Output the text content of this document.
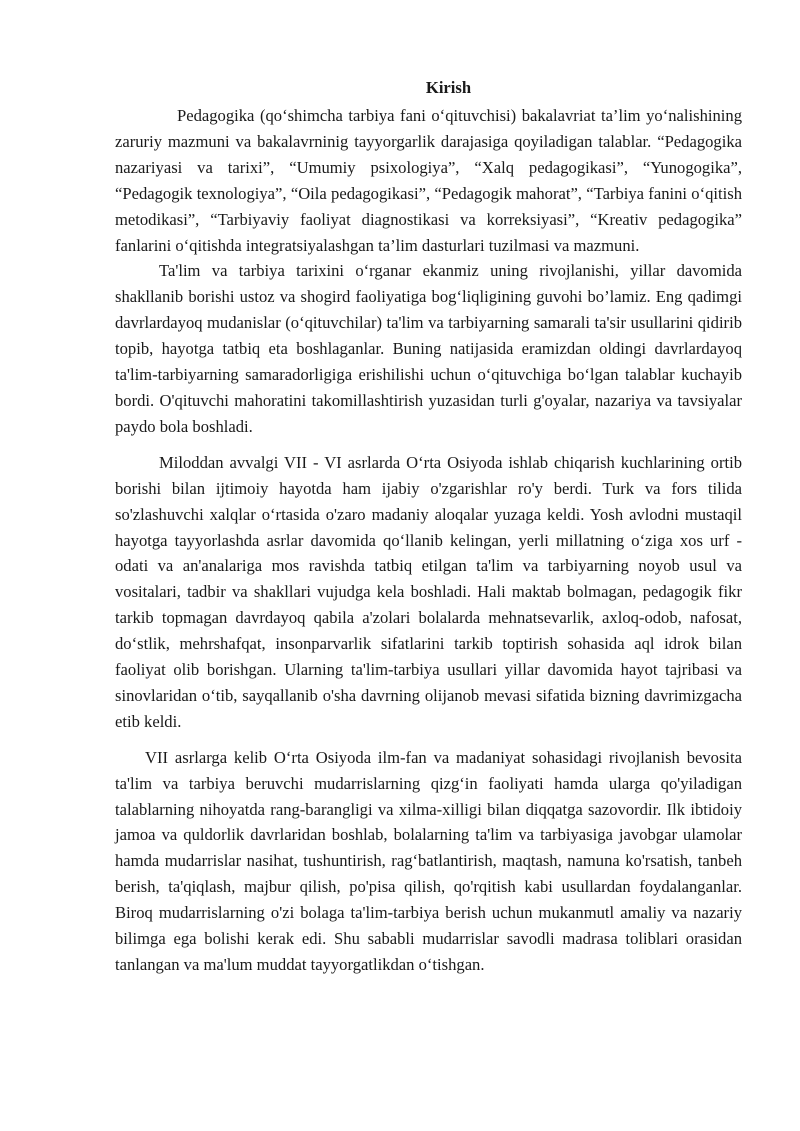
Kirish

Pedagogika (qo‘shimcha tarbiya fani o‘qituvchisi) bakalavriat ta’lim yo‘nalishining zaruriy mazmuni va bakalavrninig tayyorgarlik darajasiga qoyiladigan talablar. “Pedagogika nazariyasi va tarixi”, “Umumiy psixologiya”, “Xalq pedagogikasi”, “Yunogogika”, “Pedagogik texnologiya”, “Oila pedagogikasi”, “Pedagogik mahorat”, “Tarbiya fanini o‘qitish metodikasi”, “Tarbiyaviy faoliyat diagnostikasi va korreksiyasi”, “Kreativ pedagogika” fanlarini o‘qitishda integratsiyalashgan ta’lim dasturlari tuzilmasi va mazmuni.

Ta'lim va tarbiya tarixini o‘rganar ekanmiz uning rivojlanishi, yillar davomida shakllanib borishi ustoz va shogird faoliyatiga bog‘liqligining guvohi bo’lamiz. Eng qadimgi davrlardayoq mudanislar (o‘qituvchilar) ta'lim va tarbiyarning samarali ta'sir usullarini qidirib topib, hayotga tatbiq eta boshlaganlar. Buning natijasida eramizdan oldingi davrlardayoq ta'lim-tarbiyarning samaradorligiga erishilishi uchun o‘qituvchiga bo‘lgan talablar kuchayib bordi. O'qituvchi mahoratini takomillashtirish yuzasidan turli g'oyalar, nazariya va tavsiyalar paydo bola boshladi.

Miloddan avvalgi VII - VI asrlarda O‘rta Osiyoda ishlab chiqarish kuchlarining ortib borishi bilan ijtimoiy hayotda ham ijabiy o'zgarishlar ro'y berdi. Turk va fors tilida so'zlashuvchi xalqlar o‘rtasida o'zaro madaniy aloqalar yuzaga keldi. Yosh avlodni mustaqil hayotga tayyorlashda asrlar davomida qo‘llanib kelingan, yerli millatning o‘ziga xos urf - odati va an'analariga mos ravishda tatbiq etilgan ta'lim va tarbiyarning noyob usul va vositalari, tadbir va shakllari vujudga kela boshladi. Hali maktab bolmagan, pedagogik fikr tarkib topmagan davrdayoq qabila a'zolari bolalarda mehnatsevarlik, axloq-odob, nafosat, do‘stlik, mehrshafqat, insonparvarlik sifatlarini tarkib toptirish sohasida aql idrok bilan faoliyat olib borishgan. Ularning ta'lim-tarbiya usullari yillar davomida hayot tajribasi va sinovlaridan o‘tib, sayqallanib o'sha davrning olijanob mevasi sifatida bizning davrimizgacha etib keldi.

VII asrlarga kelib O‘rta Osiyoda ilm-fan va madaniyat sohasidagi rivojlanish bevosita ta'lim va tarbiya beruvchi mudarrislarning qizg‘in faoliyati hamda ularga qo'yiladigan talablarning nihoyatda rang-barangligi va xilma-xilligi bilan diqqatga sazovordir. Ilk ibtidoiy jamoa va quldorlik davrlaridan boshlab, bolalarning ta'lim va tarbiyasiga javobgar ulamolar hamda mudarrislar nasihat, tushuntirish, rag‘batlantirish, maqtash, namuna ko'rsatish, tanbeh berish, ta'qiqlash, majbur qilish, po'pisa qilish, qo'rqitish kabi usullardan foydalanganlar. Biroq mudarrislarning o'zi bolaga ta'lim-tarbiya berish uchun mukanmutl amaliy va nazariy bilimga ega bolishi kerak edi. Shu sababli mudarrislar savodli madrasa toliblari orasidan tanlangan va ma'lum muddat tayyorgatlikdan o‘tishgan.
